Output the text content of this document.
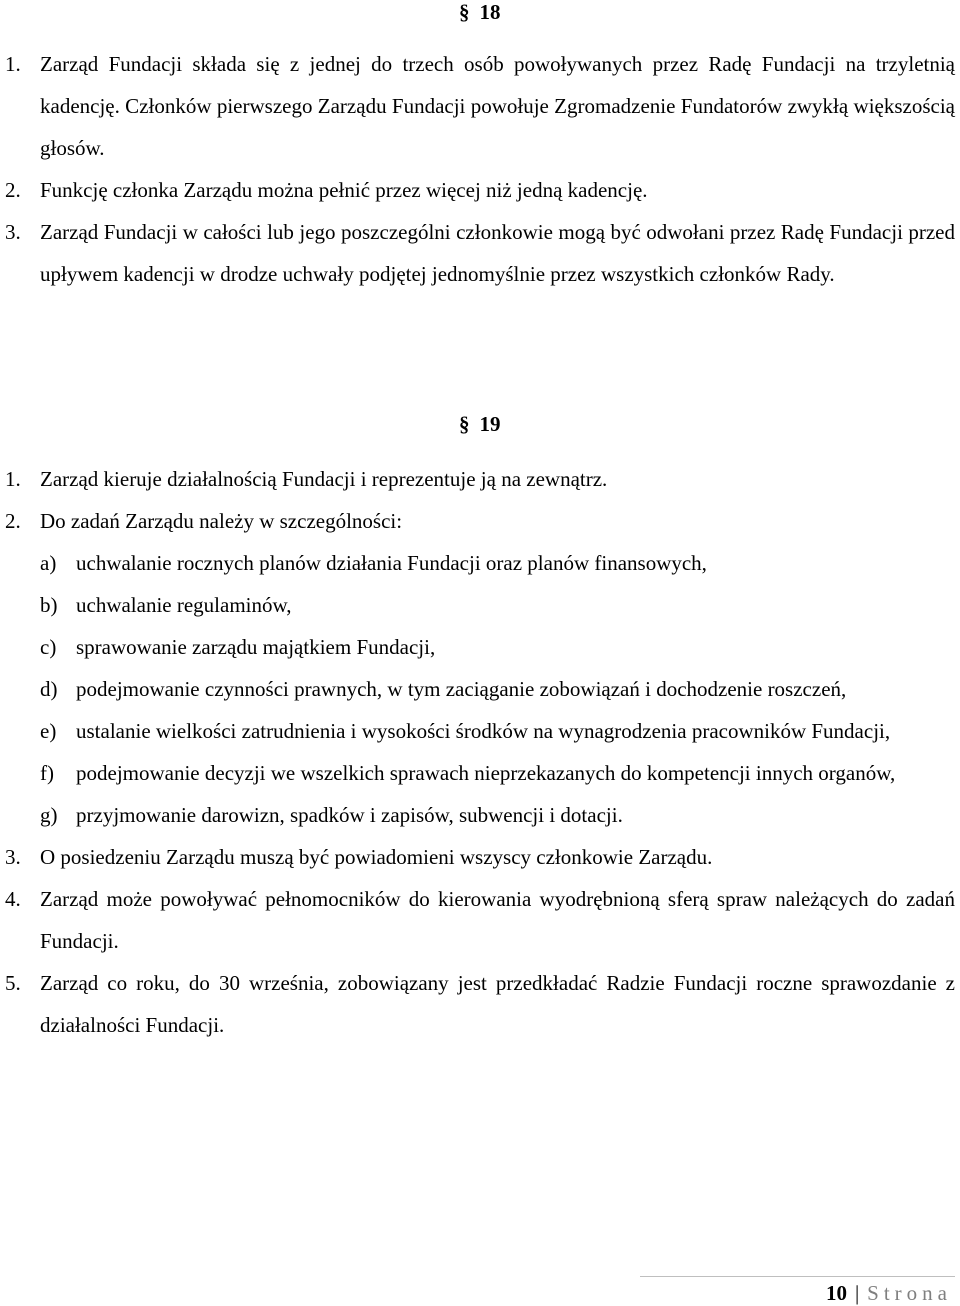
§ 18
1. Zarząd Fundacji składa się z jednej do trzech osób powoływanych przez Radę Fundacji na trzyletnią kadencję. Członków pierwszego Zarządu Fundacji powołuje Zgromadzenie Fundatorów zwykłą większością głosów.
2. Funkcję członka Zarządu można pełnić przez więcej niż jedną kadencję.
3. Zarząd Fundacji w całości lub jego poszczególni członkowie mogą być odwołani przez Radę Fundacji przed upływem kadencji w drodze uchwały podjętej jednomyślnie przez wszystkich członków Rady.
§ 19
1. Zarząd kieruje działalnością Fundacji i reprezentuje ją na zewnątrz.
2. Do zadań Zarządu należy w szczególności:
a) uchwalanie rocznych planów działania Fundacji oraz planów finansowych,
b) uchwalanie regulaminów,
c) sprawowanie zarządu majątkiem Fundacji,
d) podejmowanie czynności prawnych, w tym zaciąganie zobowiązań i dochodzenie roszczeń,
e) ustalanie wielkości zatrudnienia i wysokości środków na wynagrodzenia pracowników Fundacji,
f) podejmowanie decyzji we wszelkich sprawach nieprzekazanych do kompetencji innych organów,
g) przyjmowanie darowizn, spadków i zapisów, subwencji i dotacji.
3. O posiedzeniu Zarządu muszą być powiadomieni wszyscy członkowie Zarządu.
4. Zarząd może powoływać pełnomocników do kierowania wyodrębnioną sferą spraw należących do zadań Fundacji.
5. Zarząd co roku, do 30 września, zobowiązany jest przedkładać Radzie Fundacji roczne sprawozdanie z działalności Fundacji.
10 | Strona
